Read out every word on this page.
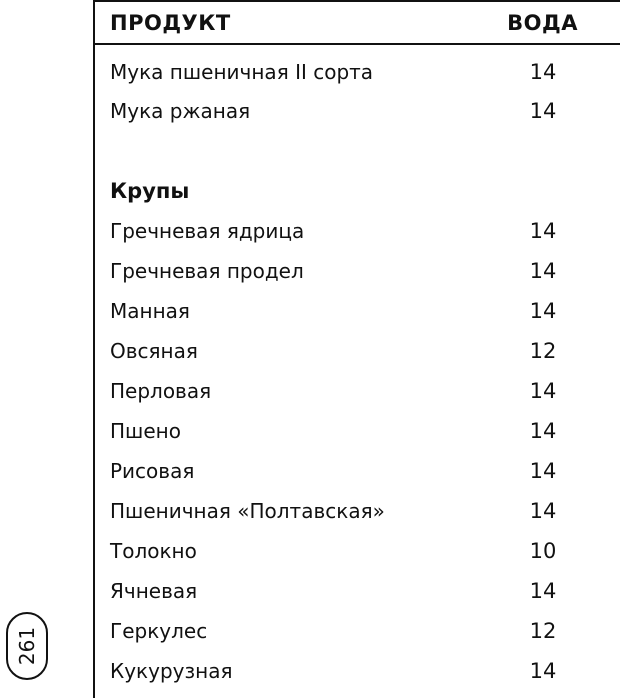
261
ПРОДУКТ	ВОДА
Мука пшеничная II сорта	14
Мука ржаная	14
Крупы
Гречневая ядрица	14
Гречневая продел	14
Манная	14
Овсяная	12
Перловая	14
Пшено	14
Рисовая	14
Пшеничная «Полтавская»	14
Толокно	10
Ячневая	14
Геркулес	12
Кукурузная	14
